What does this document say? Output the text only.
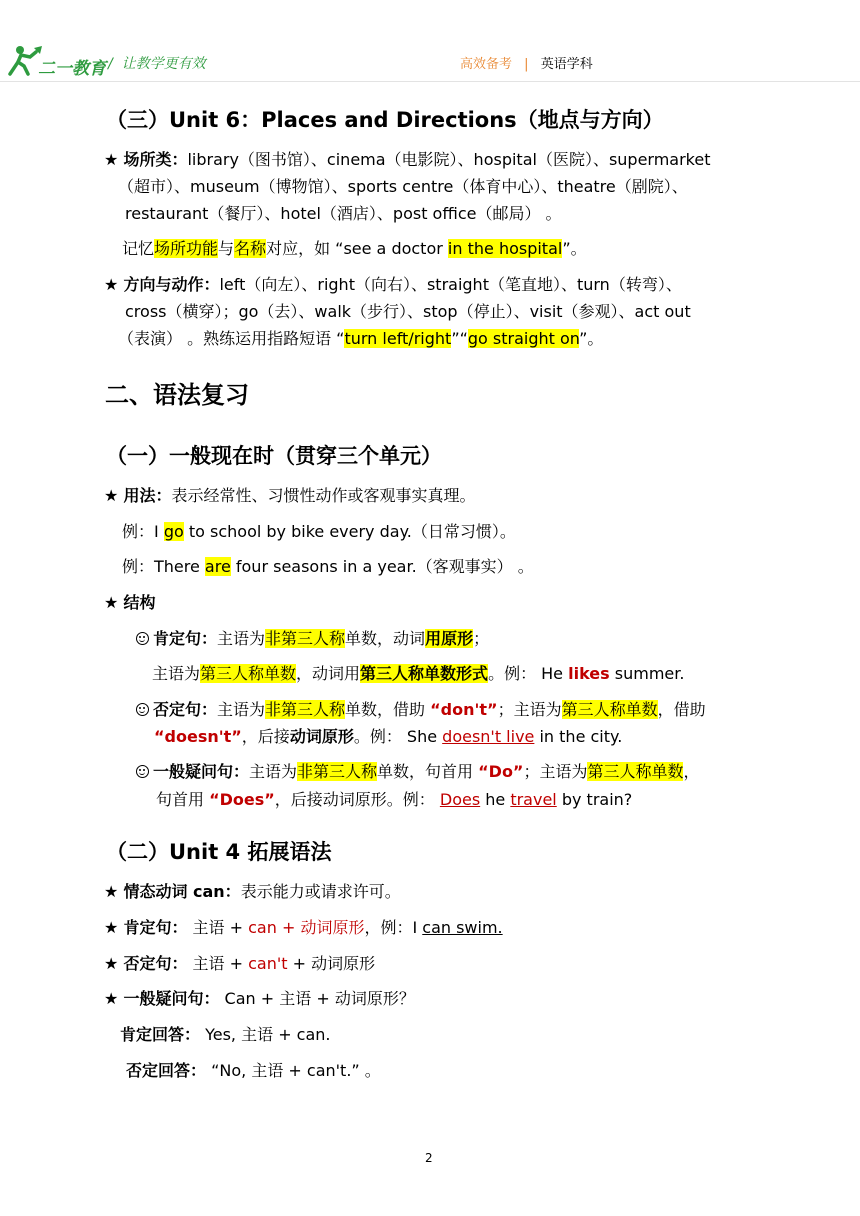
二一教育 / 让教学更有效	高效备考 | 英语学科
（三）Unit 6：Places and Directions（地点与方向）
★ 场所类：library（图书馆）、cinema（电影院）、hospital（医院）、supermarket
（超市）、museum（博物馆）、sports centre（体育中心）、theatre（剧院）、
restaurant（餐厅）、hotel（酒店）、post office（邮局） 。
记忆场所功能与名称对应，如 “see a doctor in the hospital”。
★ 方向与动作：left（向左）、right（向右）、straight（笔直地）、turn（转弯）、
cross（横穿）；go（去）、walk（步行）、stop（停止）、visit（参观）、act out
（表演） 。熟练运用指路短语 “turn left/right”“go straight on”。
二、语法复习
（一）一般现在时（贯穿三个单元）
★ 用法：表示经常性、习惯性动作或客观事实真理。
例：I go to school by bike every day.（日常习惯）。
例：There are four seasons in a year.（客观事实） 。
★ 结构
肯定句：主语为非第三人称单数，动词用原形；
主语为第三人称单数，动词用第三人称单数形式。例： He likes summer.
否定句：主语为非第三人称单数，借助 “don't”；主语为第三人称单数，借助
“doesn't”，后接动词原形。例： She doesn't live in the city.
一般疑问句：主语为非第三人称单数，句首用 “Do”；主语为第三人称单数，
句首用 “Does”，后接动词原形。例： Does he travel by train?
（二）Unit 4 拓展语法
★ 情态动词 can：表示能力或请求许可。
★ 肯定句： 主语 + can + 动词原形，例：I can swim.
★ 否定句： 主语 + can't + 动词原形
★ 一般疑问句： Can + 主语 + 动词原形？
肯定回答： Yes, 主语 + can.
否定回答： “No, 主语 + can't.” 。
2
